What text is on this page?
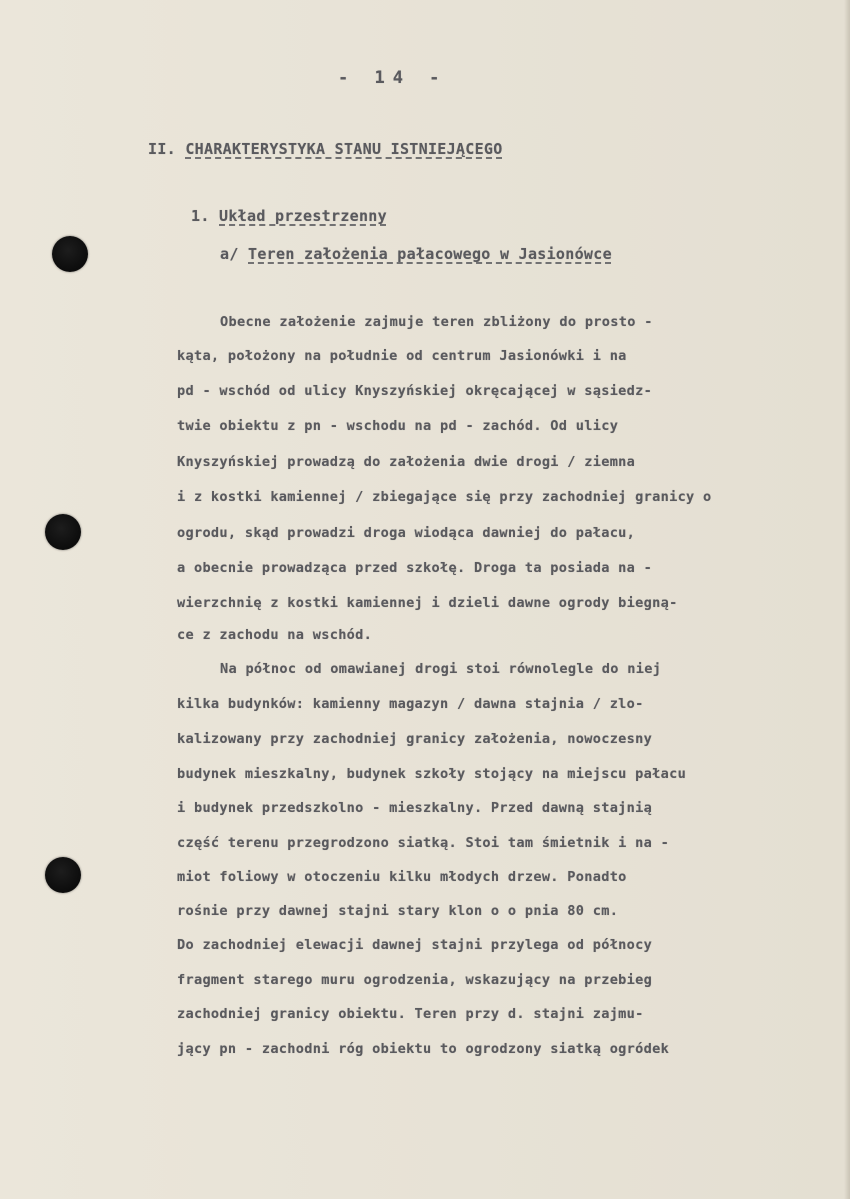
- 14 -
II. CHARAKTERYSTYKA STANU ISTNIEJĄCEGO
1. Układ przestrzenny
a/ Teren założenia pałacowego w Jasionówce
Obecne założenie zajmuje teren zbliżony do prosto -
kąta, położony na południe od centrum Jasionówki i na
pd - wschód od ulicy Knyszyńskiej okręcającej w sąsiedz-
twie obiektu z pn - wschodu na pd - zachód. Od ulicy
Knyszyńskiej prowadzą do założenia dwie drogi / ziemna
i z kostki kamiennej / zbiegające się przy zachodniej granicy o
ogrodu, skąd prowadzi droga wiodąca dawniej do pałacu,
a obecnie prowadząca przed szkołę. Droga ta posiada na -
wierzchnię z kostki kamiennej i dzieli dawne ogrody biegną-
ce z zachodu na wschód.
Na północ od omawianej drogi stoi równolegle do niej
kilka budynków: kamienny magazyn / dawna stajnia / zlo-
kalizowany przy zachodniej granicy założenia, nowoczesny
budynek mieszkalny, budynek szkoły stojący na miejscu pałacu
i budynek przedszkolno - mieszkalny. Przed dawną stajnią
część terenu przegrodzono siatką. Stoi tam śmietnik i na -
miot foliowy w otoczeniu kilku młodych drzew. Ponadto
rośnie przy dawnej stajni stary klon o o pnia 80 cm.
Do zachodniej elewacji dawnej stajni przylega od północy
fragment starego muru ogrodzenia, wskazujący na przebieg
zachodniej granicy obiektu. Teren przy d. stajni zajmu-
jący pn - zachodni róg obiektu to ogrodzony siatką ogródek
